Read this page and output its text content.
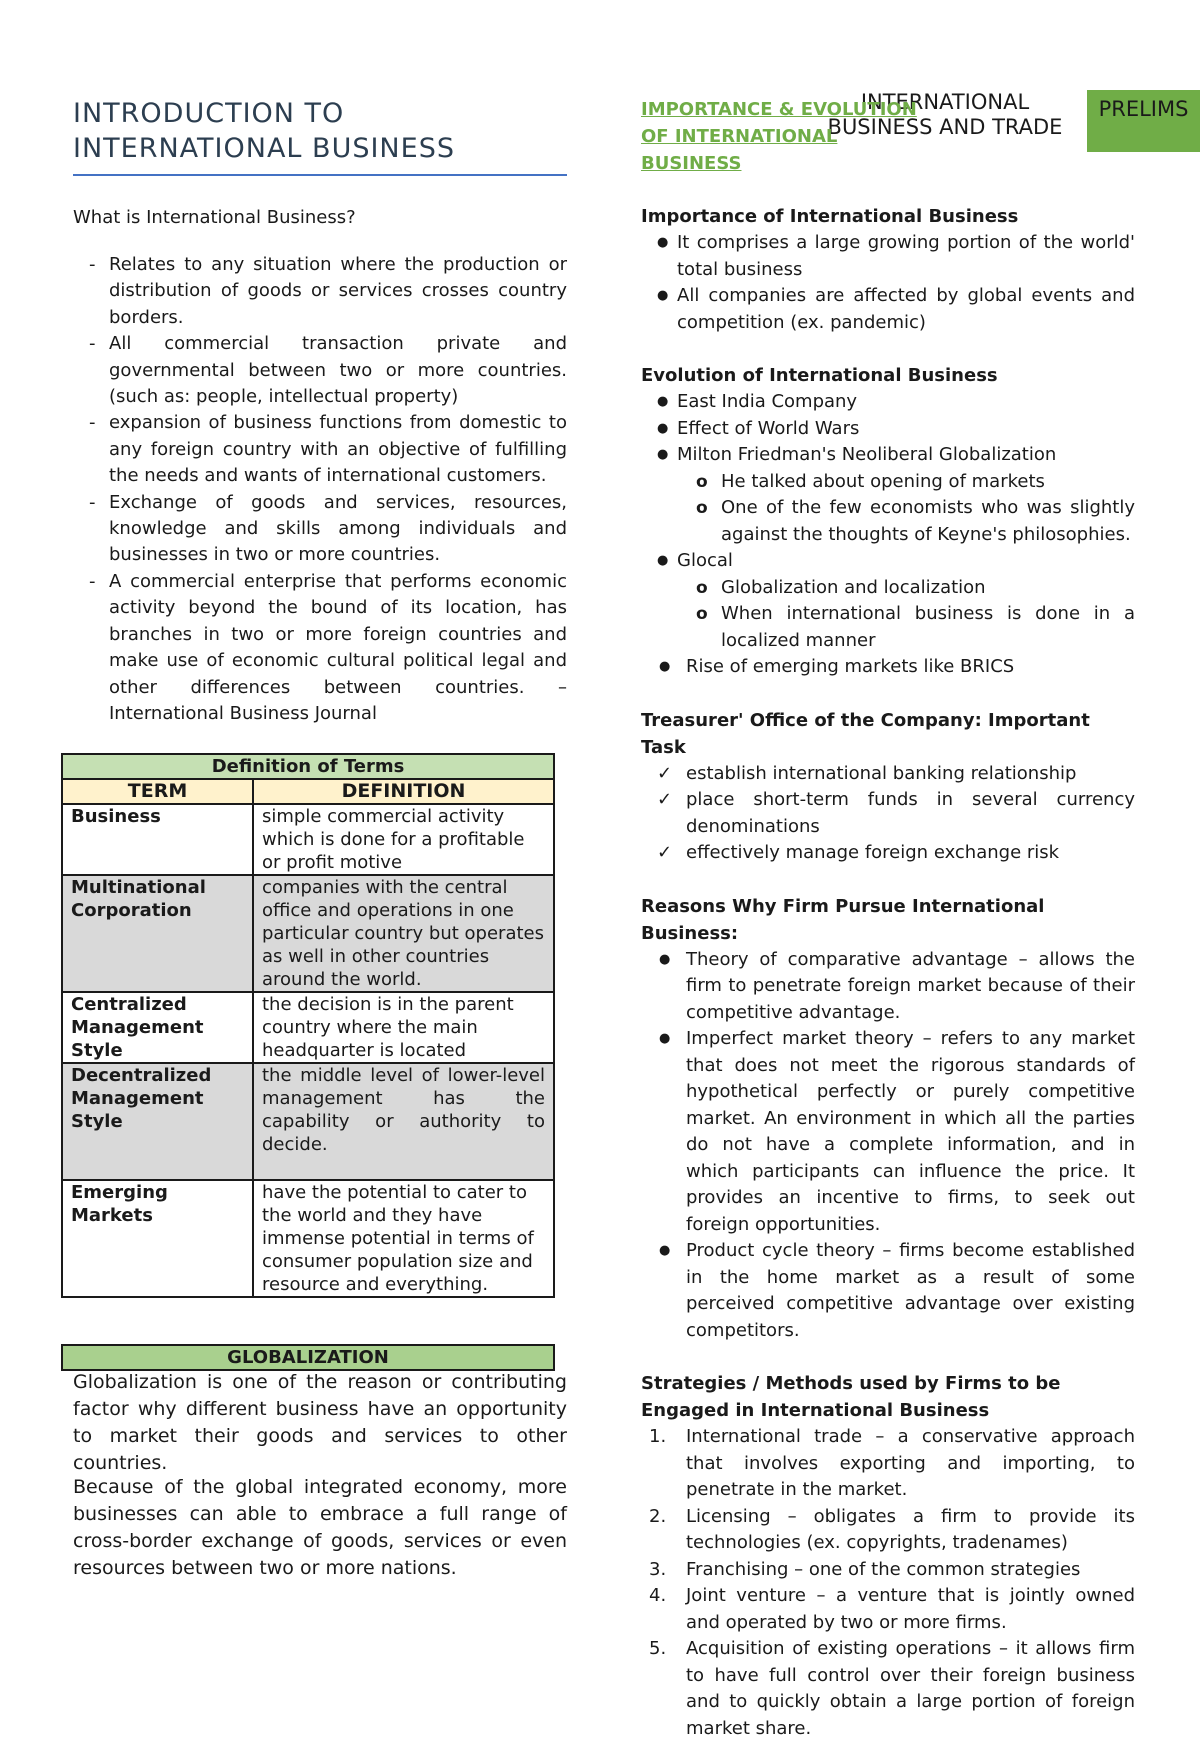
INTERNATIONAL BUSINESS AND TRADE
PRELIMS
INTRODUCTION TO
INTERNATIONAL BUSINESS
What is International Business?
- Relates to any situation where the production or distribution of goods or services crosses country borders.
- All commercial transaction private and governmental between two or more countries. (such as: people, intellectual property)
- expansion of business functions from domestic to any foreign country with an objective of fulfilling the needs and wants of international customers.
- Exchange of goods and services, resources, knowledge and skills among individuals and businesses in two or more countries.
- A commercial enterprise that performs economic activity beyond the bound of its location, has branches in two or more foreign countries and make use of economic cultural political legal and other differences between countries. – International Business Journal
Definition of Terms	
TERM	DEFINITION
Business	simple commercial activity which is done for a profitable or profit motive
Multinational Corporation	companies with the central office and operations in one particular country but operates as well in other countries around the world.
Centralized Management Style	the decision is in the parent country where the main headquarter is located
Decentralized Management Style	the middle level of lower-level management has the capability or authority to decide.
Emerging Markets	have the potential to cater to the world and they have immense potential in terms of consumer population size and resource and everything.
GLOBALIZATION

Globalization is one of the reason or contributing factor why different business have an opportunity to market their goods and services to other countries.

Because of the global integrated economy, more businesses can able to embrace a full range of cross-border exchange of goods, services or even resources between two or more nations.

IMPORTANCE & EVOLUTION OF INTERNATIONAL BUSINESS
Importance of International Business
● It comprises a large growing portion of the world' total business
● All companies are affected by global events and competition (ex. pandemic)
Evolution of International Business
● East India Company
● Effect of World Wars
● Milton Friedman's Neoliberal Globalization
o He talked about opening of markets
o One of the few economists who was slightly against the thoughts of Keyne's philosophies.
● Glocal
o Globalization and localization
o When international business is done in a localized manner
● Rise of emerging markets like BRICS
Treasurer' Office of the Company: Important Task
✓ establish international banking relationship
✓ place short-term funds in several currency denominations
✓ effectively manage foreign exchange risk
Reasons Why Firm Pursue International Business:
● Theory of comparative advantage – allows the firm to penetrate foreign market because of their competitive advantage.
● Imperfect market theory – refers to any market that does not meet the rigorous standards of hypothetical perfectly or purely competitive market. An environment in which all the parties do not have a complete information, and in which participants can influence the price. It provides an incentive to firms, to seek out foreign opportunities.
● Product cycle theory – firms become established in the home market as a result of some perceived competitive advantage over existing competitors.
Strategies / Methods used by Firms to be Engaged in International Business
1. International trade – a conservative approach that involves exporting and importing, to penetrate in the market.
2. Licensing – obligates a firm to provide its technologies (ex. copyrights, tradenames)
3. Franchising – one of the common strategies
4. Joint venture – a venture that is jointly owned and operated by two or more firms.
5. Acquisition of existing operations – it allows firm to have full control over their foreign business and to quickly obtain a large portion of foreign market share.
